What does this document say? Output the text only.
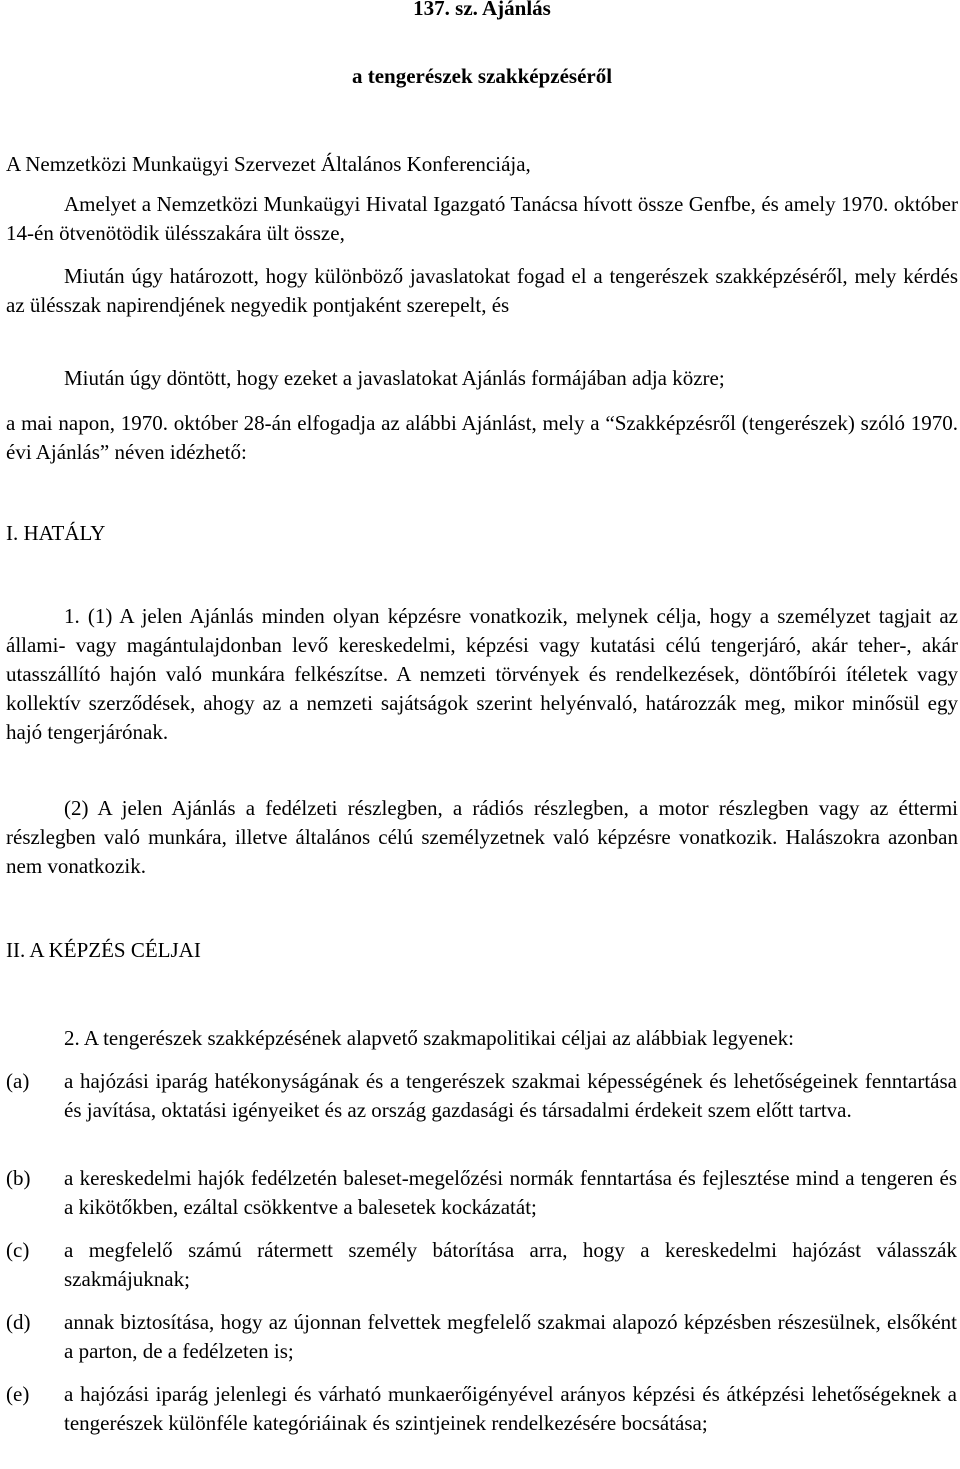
137. sz. Ajánlás
a tengerészek szakképzéséről
A Nemzetközi Munkaügyi Szervezet Általános Konferenciája,
Amelyet a Nemzetközi Munkaügyi Hivatal Igazgató Tanácsa hívott össze Genfbe, és amely 1970. október 14-én ötvenötödik ülésszakára ült össze,
Miután úgy határozott, hogy különböző javaslatokat fogad el a tengerészek szakképzéséről, mely kérdés az ülésszak napirendjének negyedik pontjaként szerepelt, és
Miután úgy döntött, hogy ezeket a javaslatokat Ajánlás formájában adja közre;
a mai napon, 1970. október 28-án elfogadja az alábbi Ajánlást, mely a “Szakképzésről (tengerészek) szóló 1970. évi Ajánlás” néven idézhető:
I. HATÁLY
1. (1) A jelen Ajánlás minden olyan képzésre vonatkozik, melynek célja, hogy a személyzet tagjait az állami- vagy magántulajdonban levő kereskedelmi, képzési vagy kutatási célú tengerjáró, akár teher-, akár utasszállító hajón való munkára felkészítse. A nemzeti törvények és rendelkezések, döntőbírói ítéletek vagy kollektív szerződések, ahogy az a nemzeti sajátságok szerint helyénvaló, határozzák meg, mikor minősül egy hajó tengerjárónak.
(2) A jelen Ajánlás a fedélzeti részlegben, a rádiós részlegben, a motor részlegben vagy az éttermi részlegben való munkára, illetve általános célú személyzetnek való képzésre vonatkozik. Halászokra azonban nem vonatkozik.
II. A KÉPZÉS CÉLJAI
2. A tengerészek szakképzésének alapvető szakmapolitikai céljai az alábbiak legyenek:
(a)	a hajózási iparág hatékonyságának és a tengerészek szakmai képességének és lehetőségeinek fenntartása és javítása, oktatási igényeiket és az ország gazdasági és társadalmi érdekeit szem előtt tartva.
(b)	a kereskedelmi hajók fedélzetén baleset-megelőzési normák fenntartása és fejlesztése mind a tengeren és a kikötőkben, ezáltal csökkentve a balesetek kockázatát;
(c)	a megfelelő számú rátermett személy bátorítása arra, hogy a kereskedelmi hajózást válasszák szakmájuknak;
(d)	annak biztosítása, hogy az újonnan felvettek megfelelő szakmai alapozó képzésben részesülnek, elsőként a parton, de a fedélzeten is;
(e)	a hajózási iparág jelenlegi és várható munkaerőigényével arányos képzési és átképzési lehetőségeknek a tengerészek különféle kategóriáinak és szintjeinek rendelkezésére bocsátása;
